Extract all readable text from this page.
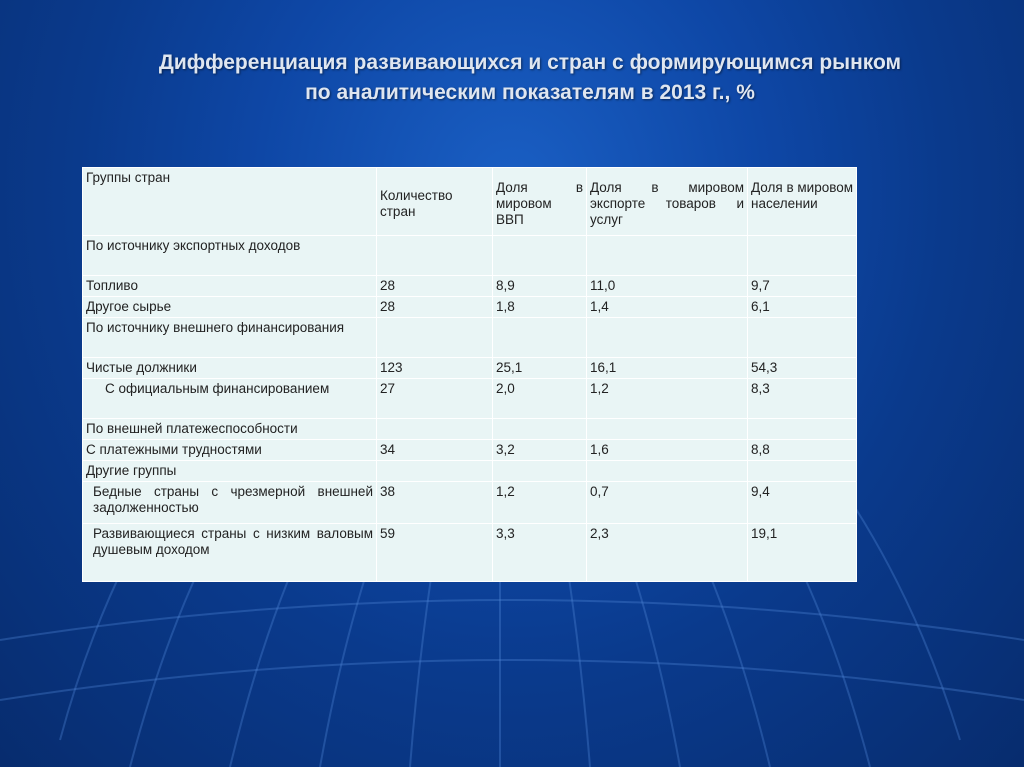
Дифференциация развивающихся и стран с формирующимся рынком
по аналитическим показателям в 2013 г., %
Группы стран	Количество стран	Доля в мировом ВВП	Доля в мировом экспорте товаров и услуг	Доля в мировом населении
По источнику экспортных доходов				
Топливо	28	8,9	11,0	9,7
Другое сырье	28	1,8	1,4	6,1
По источнику внешнего финансирования				
Чистые должники	123	25,1	16,1	54,3
С официальным финансированием	27	2,0	1,2	8,3
По внешней платежеспособности				
С платежными трудностями	34	3,2	1,6	8,8
Другие группы				
Бедные страны с чрезмерной внешней задолженностью	38	1,2	0,7	9,4
Развивающиеся страны с низким валовым душевым доходом	59	3,3	2,3	19,1
